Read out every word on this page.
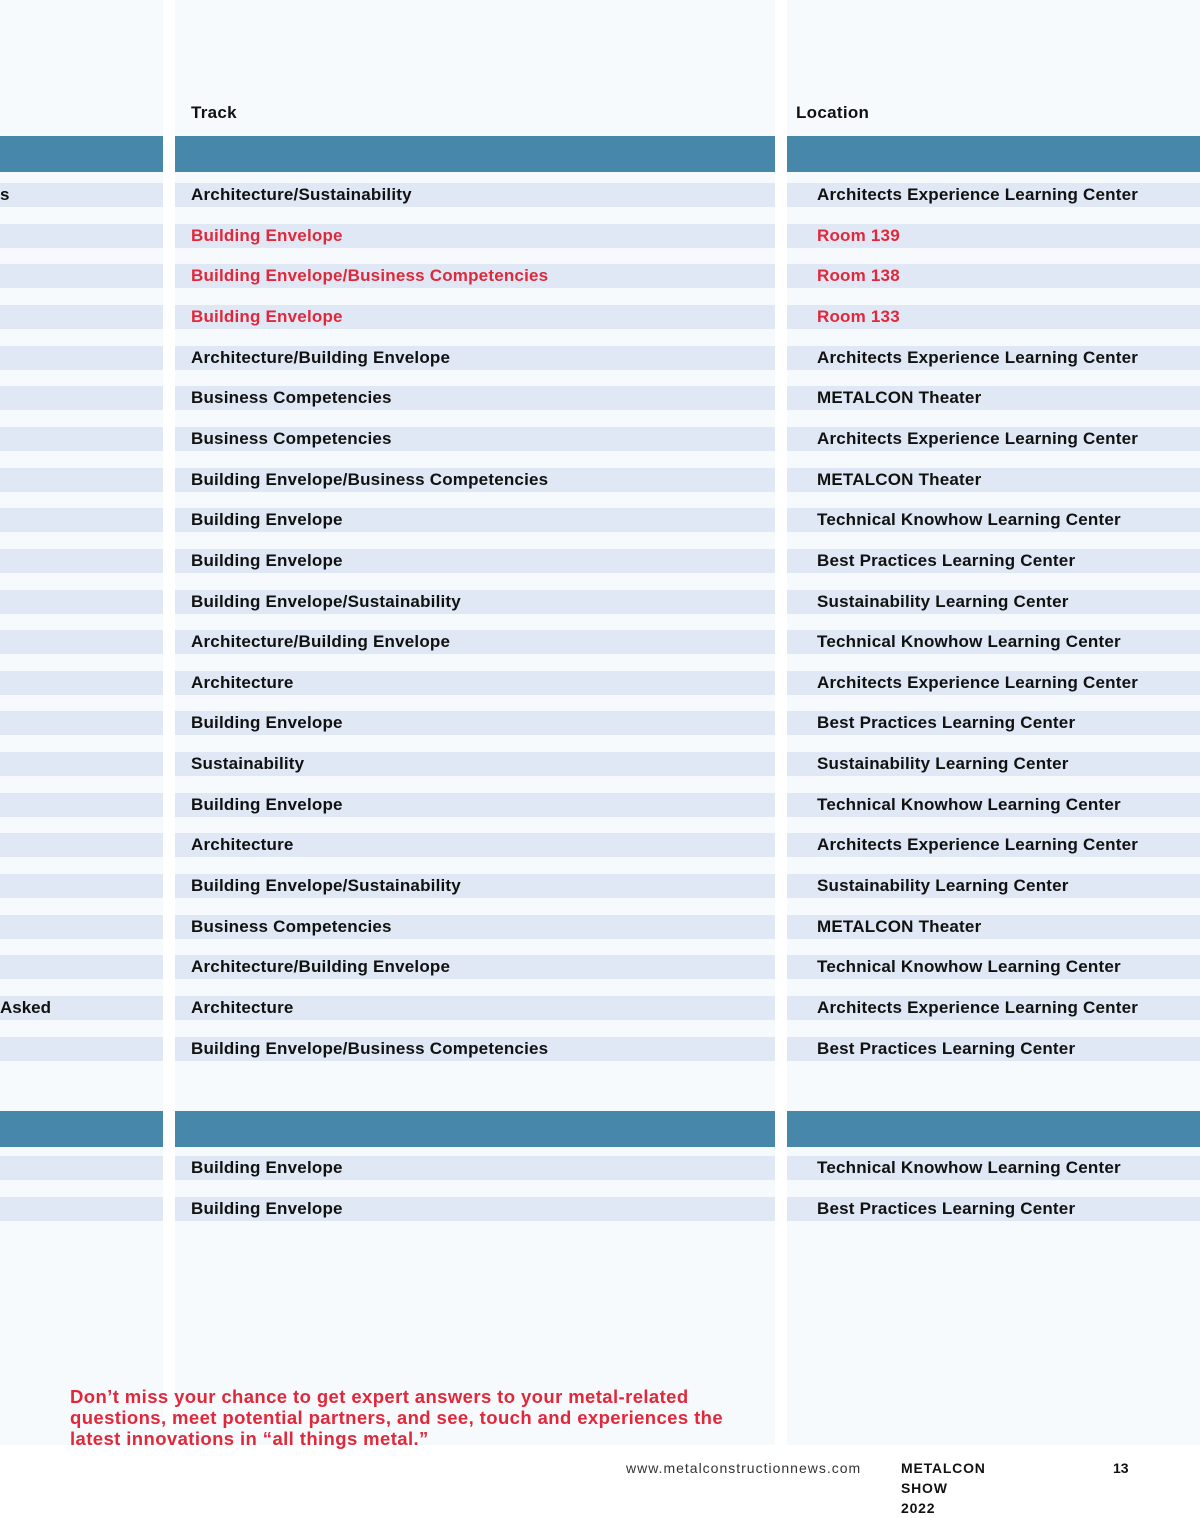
Track	Location
Architecture/Sustainability	Architects Experience Learning Center
Building Envelope	Room 139
Building Envelope/Business Competencies	Room 138
Building Envelope	Room 133
Architecture/Building Envelope	Architects Experience Learning Center
Business Competencies	METALCON Theater
Business Competencies	Architects Experience Learning Center
Building Envelope/Business Competencies	METALCON Theater
Building Envelope	Technical Knowhow Learning Center
Building Envelope	Best Practices Learning Center
Building Envelope/Sustainability	Sustainability Learning Center
Architecture/Building Envelope	Technical Knowhow Learning Center
Architecture	Architects Experience Learning Center
Building Envelope	Best Practices Learning Center
Sustainability	Sustainability Learning Center
Building Envelope	Technical Knowhow Learning Center
Architecture	Architects Experience Learning Center
Building Envelope/Sustainability	Sustainability Learning Center
Business Competencies	METALCON Theater
Architecture/Building Envelope	Technical Knowhow Learning Center
Architecture	Architects Experience Learning Center
Building Envelope/Business Competencies	Best Practices Learning Center
Building Envelope	Technical Knowhow Learning Center
Building Envelope	Best Practices Learning Center
s
Asked
Don’t miss your chance to get expert answers to your metal-related questions, meet potential partners, and see, touch and experiences the latest innovations in “all things metal.”
www.metalconstructionnews.com	METALCON SHOW 2022
13
